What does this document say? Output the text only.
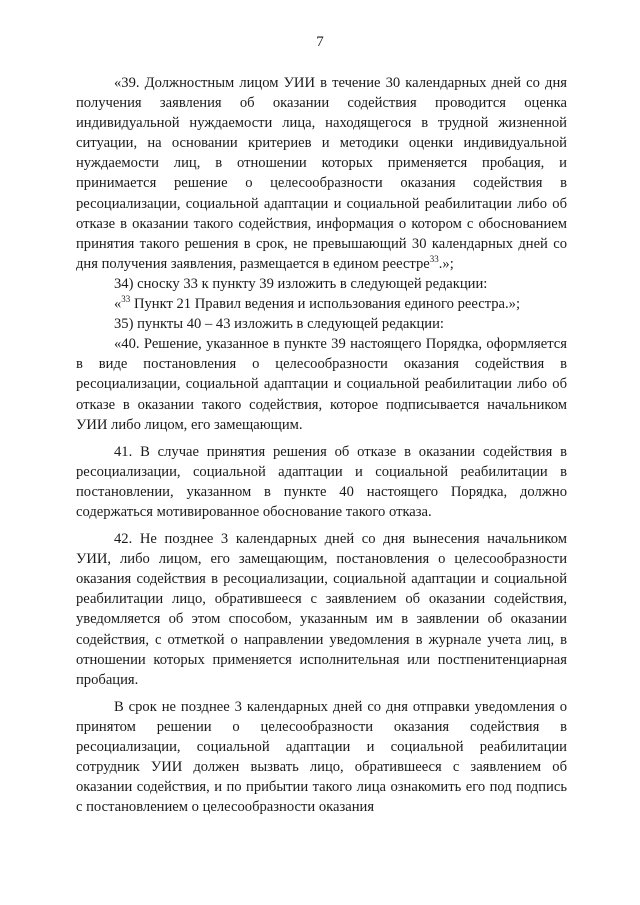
7

«39. Должностным лицом УИИ в течение 30 календарных дней со дня получения заявления об оказании содействия проводится оценка индивидуальной нуждаемости лица, находящегося в трудной жизненной ситуации, на основании критериев и методики оценки индивидуальной нуждаемости лиц, в отношении которых применяется пробация, и принимается решение о целесообразности оказания содействия в ресоциализации, социальной адаптации и социальной реабилитации либо об отказе в оказании такого содействия, информация о котором с обоснованием принятия такого решения в срок, не превышающий 30 календарных дней со дня получения заявления, размещается в едином реестре$^{33}$.»;

34) сноску 33 к пункту 39 изложить в следующей редакции:

«$^{33}$ Пункт 21 Правил ведения и использования единого реестра.»;

35) пункты 40 – 43 изложить в следующей редакции:

«40. Решение, указанное в пункте 39 настоящего Порядка, оформляется в виде постановления о целесообразности оказания содействия в ресоциализации, социальной адаптации и социальной реабилитации либо об отказе в оказании такого содействия, которое подписывается начальником УИИ либо лицом, его замещающим.

41. В случае принятия решения об отказе в оказании содействия в ресоциализации, социальной адаптации и социальной реабилитации в постановлении, указанном в пункте 40 настоящего Порядка, должно содержаться мотивированное обоснование такого отказа.

42. Не позднее 3 календарных дней со дня вынесения начальником УИИ, либо лицом, его замещающим, постановления о целесообразности оказания содействия в ресоциализации, социальной адаптации и социальной реабилитации лицо, обратившееся с заявлением об оказании содействия, уведомляется об этом способом, указанным им в заявлении об оказании содействия, с отметкой о направлении уведомления в журнале учета лиц, в отношении которых применяется исполнительная или постпенитенциарная пробация.

В срок не позднее 3 календарных дней со дня отправки уведомления о принятом решении о целесообразности оказания содействия в ресоциализации, социальной адаптации и социальной реабилитации сотрудник УИИ должен вызвать лицо, обратившееся с заявлением об оказании содействия, и по прибытии такого лица ознакомить его под подпись с постановлением о целесообразности оказания
